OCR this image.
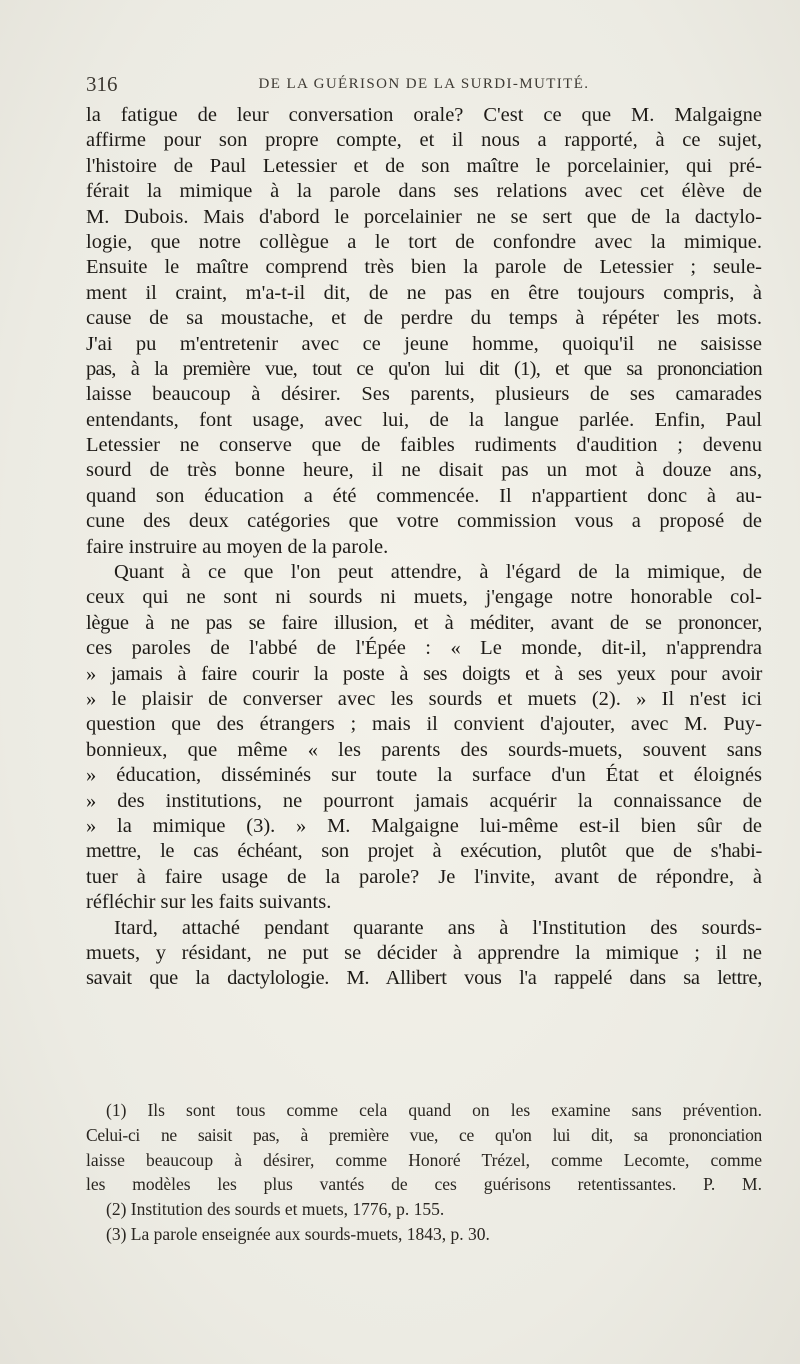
316	DE LA GUÉRISON DE LA SURDI-MUTITÉ.
la fatigue de leur conversation orale? C'est ce que M. Malgaigne
affirme pour son propre compte, et il nous a rapporté, à ce sujet,
l'histoire de Paul Letessier et de son maître le porcelainier, qui pré-
férait la mimique à la parole dans ses relations avec cet élève de
M. Dubois. Mais d'abord le porcelainier ne se sert que de la dactylo-
logie, que notre collègue a le tort de confondre avec la mimique.
Ensuite le maître comprend très bien la parole de Letessier ; seule-
ment il craint, m'a-t-il dit, de ne pas en être toujours compris, à
cause de sa moustache, et de perdre du temps à répéter les mots.
J'ai pu m'entretenir avec ce jeune homme, quoiqu'il ne saisisse
pas, à la première vue, tout ce qu'on lui dit (1), et que sa prononciation
laisse beaucoup à désirer. Ses parents, plusieurs de ses camarades
entendants, font usage, avec lui, de la langue parlée. Enfin, Paul
Letessier ne conserve que de faibles rudiments d'audition ; devenu
sourd de très bonne heure, il ne disait pas un mot à douze ans,
quand son éducation a été commencée. Il n'appartient donc à au-
cune des deux catégories que votre commission vous a proposé de
faire instruire au moyen de la parole.
Quant à ce que l'on peut attendre, à l'égard de la mimique, de
ceux qui ne sont ni sourds ni muets, j'engage notre honorable col-
lègue à ne pas se faire illusion, et à méditer, avant de se prononcer,
ces paroles de l'abbé de l'Épée : « Le monde, dit-il, n'apprendra
» jamais à faire courir la poste à ses doigts et à ses yeux pour avoir
» le plaisir de converser avec les sourds et muets (2). » Il n'est ici
question que des étrangers ; mais il convient d'ajouter, avec M. Puy-
bonnieux, que même « les parents des sourds-muets, souvent sans
» éducation, disséminés sur toute la surface d'un État et éloignés
» des institutions, ne pourront jamais acquérir la connaissance de
» la mimique (3). » M. Malgaigne lui-même est-il bien sûr de
mettre, le cas échéant, son projet à exécution, plutôt que de s'habi-
tuer à faire usage de la parole? Je l'invite, avant de répondre, à
réfléchir sur les faits suivants.
Itard, attaché pendant quarante ans à l'Institution des sourds-
muets, y résidant, ne put se décider à apprendre la mimique ; il ne
savait que la dactylologie. M. Allibert vous l'a rappelé dans sa lettre,
(1) Ils sont tous comme cela quand on les examine sans prévention.
Celui-ci ne saisit pas, à première vue, ce qu'on lui dit, sa prononciation
laisse beaucoup à désirer, comme Honoré Trézel, comme Lecomte, comme
les modèles les plus vantés de ces guérisons retentissantes. P. M.
(2) Institution des sourds et muets, 1776, p. 155.
(3) La parole enseignée aux sourds-muets, 1843, p. 30.
